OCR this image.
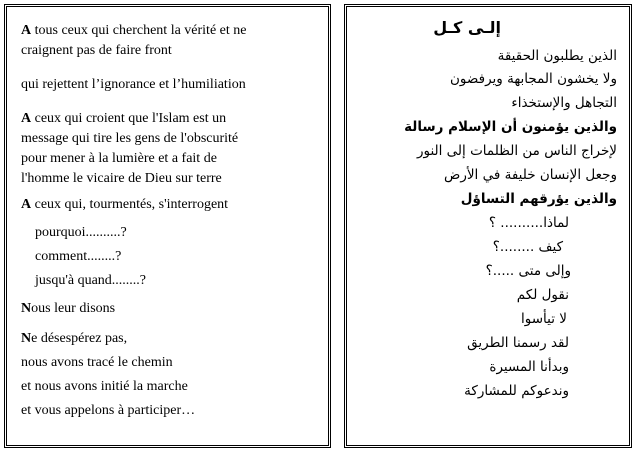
A tous ceux qui cherchent la vérité et ne
craignent pas de faire front
qui rejettent l’ignorance et l’humiliation
A ceux qui croient que l'Islam est un
message qui tire les gens de l'obscurité
pour mener à la lumière et a fait de
l'homme le vicaire de Dieu sur terre
A ceux qui, tourmentés, s'interrogent
pourquoi..........?
comment........?
jusqu'à quand........?
Nous leur disons
Ne désespérez pas,
nous avons tracé le chemin
et nous avons initié la marche
et vous appelons à participer…
إلـى كـل
الذين يطلبون الحقيقة
ولا يخشون المجابهة ويرفضون
التجاهل والإستخذاء
والذين يؤمنون أن الإسلام رسالة
لإخراج الناس من الظلمات إلى النور
وجعل الإنسان خليفة في الأرض
والذين يؤرقهم التساؤل
لماذا.......... ؟
كيف ........؟
وإلى متى .....؟
نقول لكم
لا تيأسوا
لقد رسمنا الطريق
وبدأنا المسيرة
وندعوكم للمشاركة
